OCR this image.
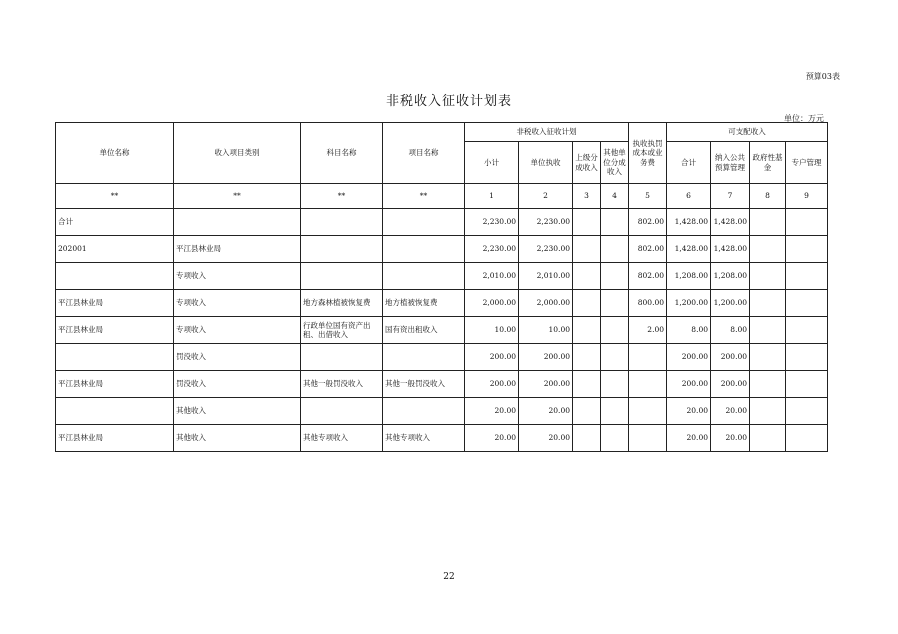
预算03表
非税收入征收计划表
单位：万元
单位名称	收入项目类别	科目名称	项目名称	非税收入征收计划				执收执罚成本或业务费	可支配收入			
				小计	单位执收	上级分成收入	其他单位分成收入		合计	纳入公共预算管理	政府性基金	专户管理
**	**	**	**	1	2	3	4	5	6	7	8	9
合计				2,230.00	2,230.00			802.00	1,428.00	1,428.00		
202001	平江县林业局			2,230.00	2,230.00			802.00	1,428.00	1,428.00		
	专项收入			2,010.00	2,010.00			802.00	1,208.00	1,208.00		
平江县林业局	专项收入	地方森林植被恢复费	地方植被恢复费	2,000.00	2,000.00			800.00	1,200.00	1,200.00		
平江县林业局	专项收入	行政单位国有资产出租、出借收入	国有资出租收入	10.00	10.00			2.00	8.00	8.00		
	罚没收入			200.00	200.00				200.00	200.00		
平江县林业局	罚没收入	其他一般罚没收入	其他一般罚没收入	200.00	200.00				200.00	200.00		
	其他收入			20.00	20.00				20.00	20.00		
平江县林业局	其他收入	其他专项收入	其他专项收入	20.00	20.00				20.00	20.00		
22
